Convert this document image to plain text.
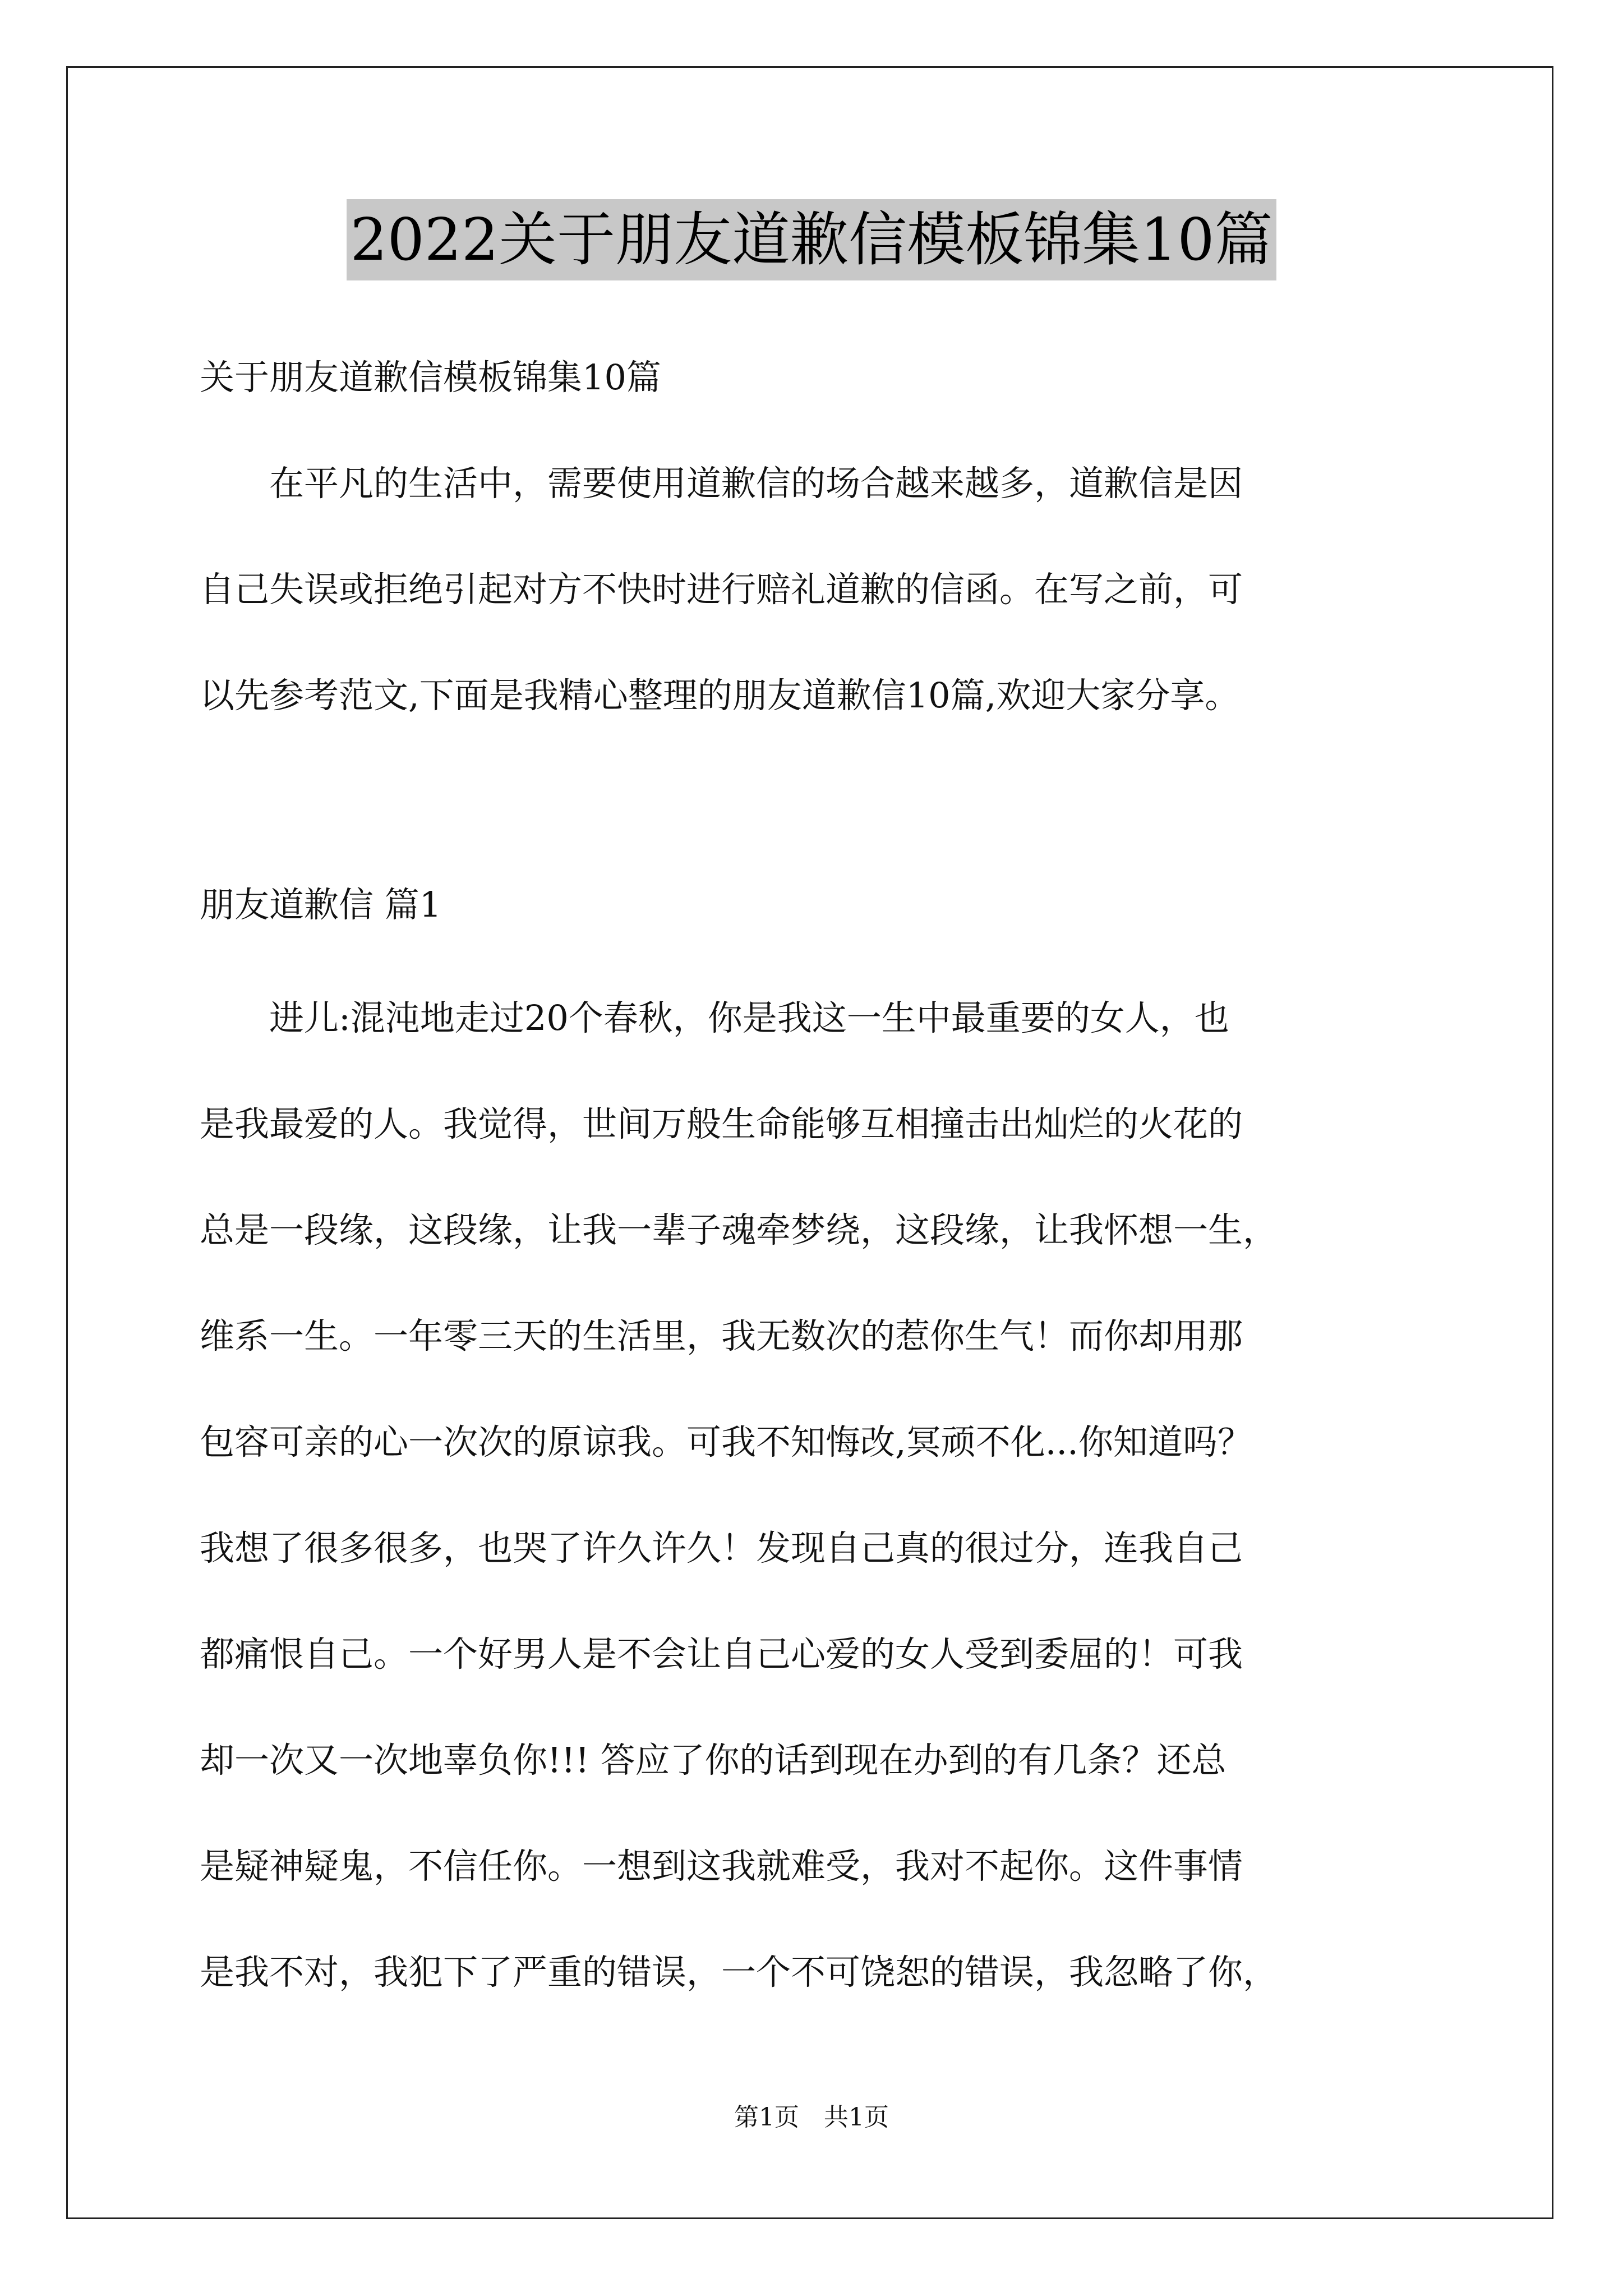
2022关于朋友道歉信模板锦集10篇
关于朋友道歉信模板锦集10篇
　　在平凡的生活中，需要使用道歉信的场合越来越多，道歉信是因
自己失误或拒绝引起对方不快时进行赔礼道歉的信函。在写之前，可
以先参考范文,下面是我精心整理的朋友道歉信10篇,欢迎大家分享。
朋友道歉信 篇1
　　进儿:混沌地走过20个春秋，你是我这一生中最重要的女人，也
是我最爱的人。我觉得，世间万般生命能够互相撞击出灿烂的火花的
总是一段缘，这段缘，让我一辈子魂牵梦绕，这段缘，让我怀想一生，
维系一生。一年零三天的生活里，我无数次的惹你生气！而你却用那
包容可亲的心一次次的原谅我。可我不知悔改,冥顽不化...你知道吗？
我想了很多很多，也哭了许久许久！发现自己真的很过分，连我自己
都痛恨自己。一个好男人是不会让自己心爱的女人受到委屈的！可我
却一次又一次地辜负你!!! 答应了你的话到现在办到的有几条？还总
是疑神疑鬼，不信任你。一想到这我就难受，我对不起你。这件事情
是我不对，我犯下了严重的错误，一个不可饶恕的错误，我忽略了你，
第1页　共1页
